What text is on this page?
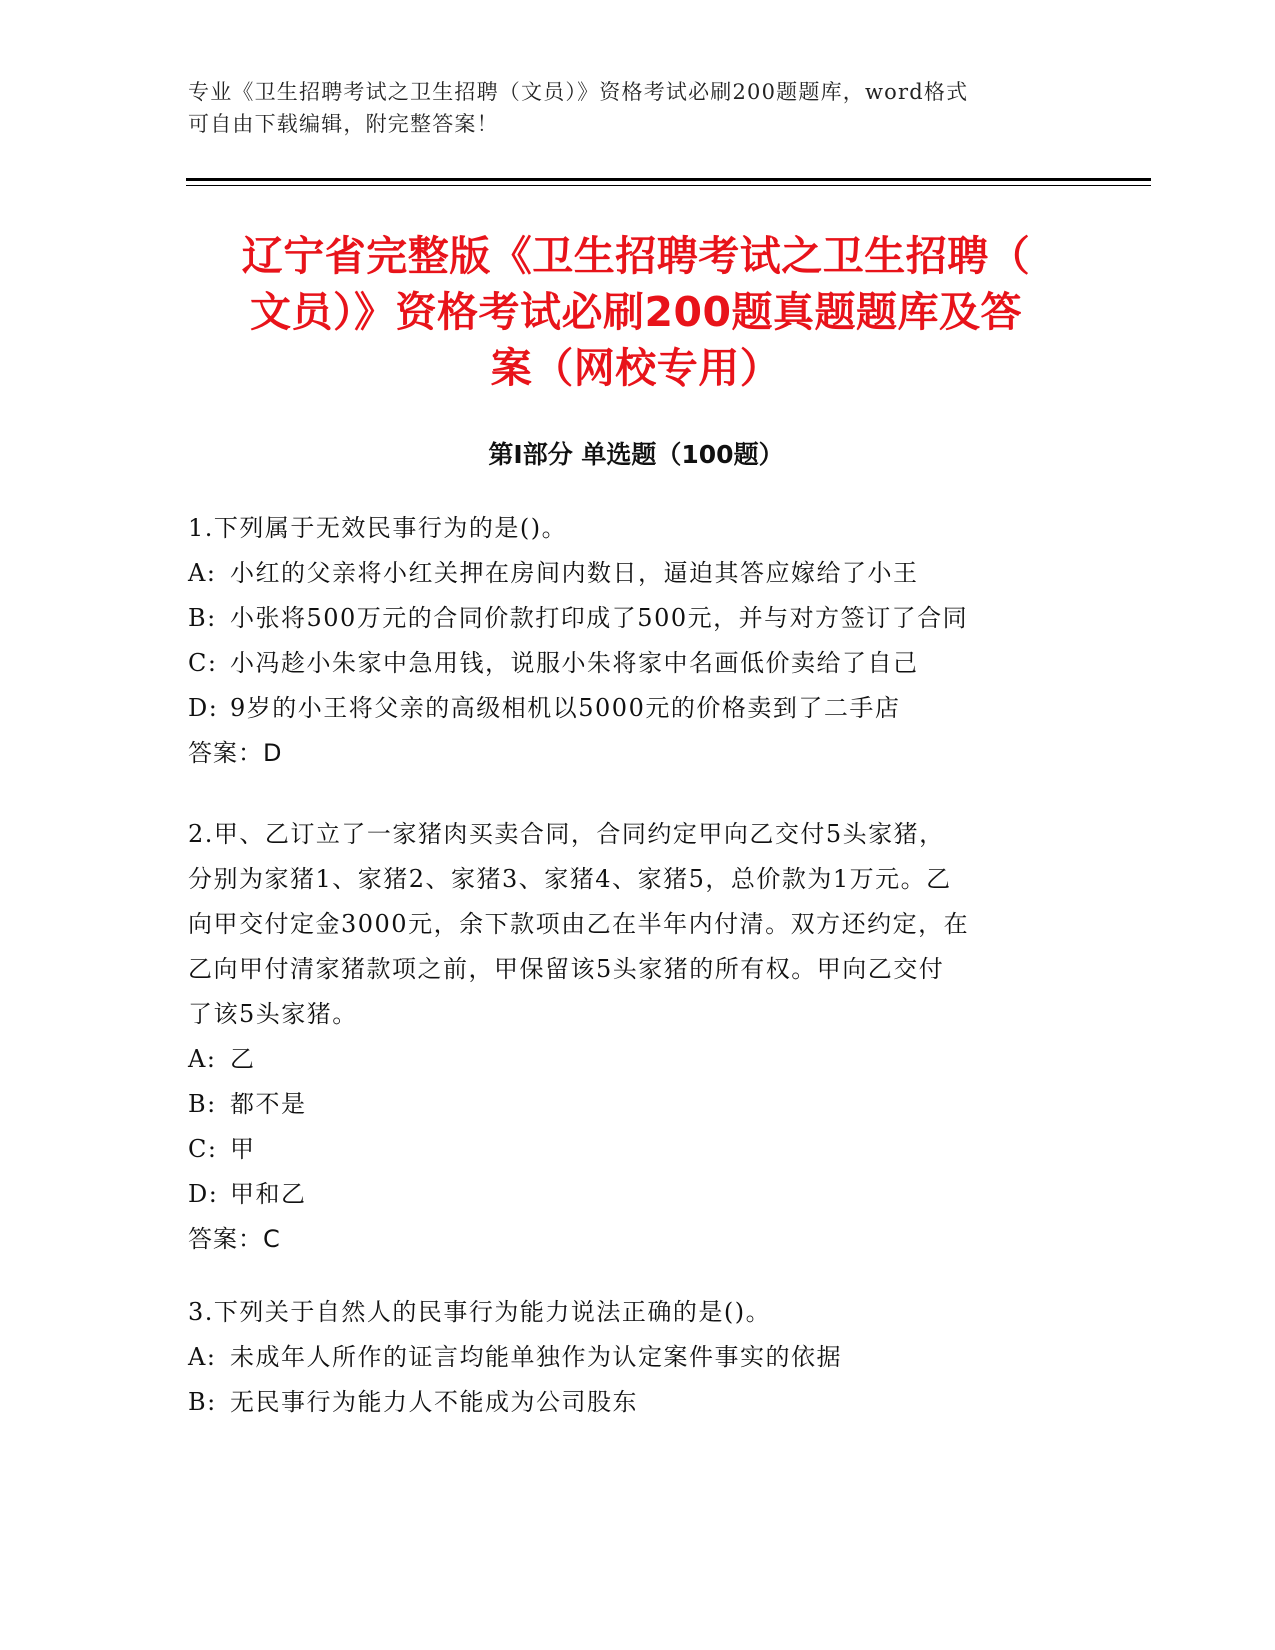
专业《卫生招聘考试之卫生招聘（文员）》资格考试必刷200题题库，word格式
可自由下载编辑，附完整答案！
辽宁省完整版《卫生招聘考试之卫生招聘（
文员）》资格考试必刷200题真题题库及答
案（网校专用）
第Ⅰ部分 单选题（100题）
1.下列属于无效民事行为的是()。
A: 小红的父亲将小红关押在房间内数日，逼迫其答应嫁给了小王
B: 小张将500万元的合同价款打印成了500元，并与对方签订了合同
C: 小冯趁小朱家中急用钱，说服小朱将家中名画低价卖给了自己
D: 9岁的小王将父亲的高级相机以5000元的价格卖到了二手店
答案：D
2.甲、乙订立了一家猪肉买卖合同，合同约定甲向乙交付5头家猪，
分别为家猪1、家猪2、家猪3、家猪4、家猪5，总价款为1万元。乙
向甲交付定金3000元，余下款项由乙在半年内付清。双方还约定，在
乙向甲付清家猪款项之前，甲保留该5头家猪的所有权。甲向乙交付
了该5头家猪。
A: 乙
B: 都不是
C: 甲
D: 甲和乙
答案：C
3.下列关于自然人的民事行为能力说法正确的是()。
A: 未成年人所作的证言均能单独作为认定案件事实的依据
B: 无民事行为能力人不能成为公司股东
